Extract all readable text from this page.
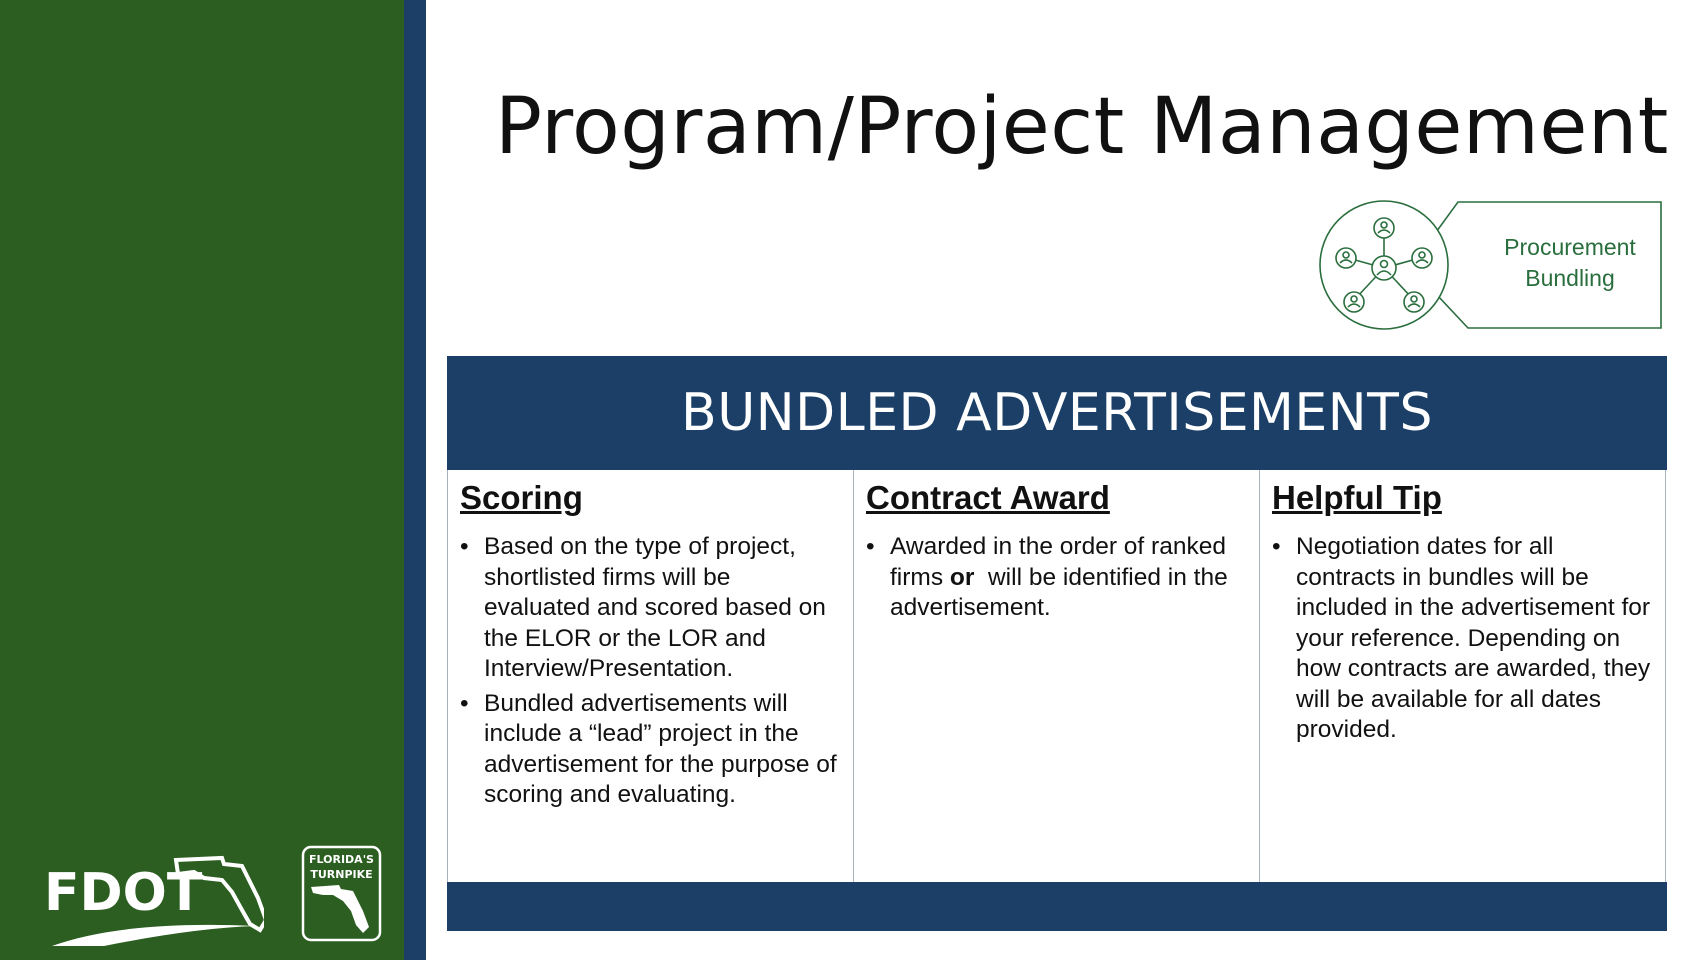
Program/Project Management
Procurement
Bundling
BUNDLED ADVERTISEMENTS
Scoring
• Based on the type of project, shortlisted firms will be evaluated and scored based on the ELOR or the LOR and Interview/Presentation.
• Bundled advertisements will include a “lead” project in the advertisement for the purpose of scoring and evaluating.
Contract Award
• Awarded in the order of ranked firms or  will be identified in the advertisement.
Helpful Tip
• Negotiation dates for all contracts in bundles will be included in the advertisement for your reference. Depending on how contracts are awarded, they will be available for all dates provided.
FDOT
FLORIDA'S
TURNPIKE
